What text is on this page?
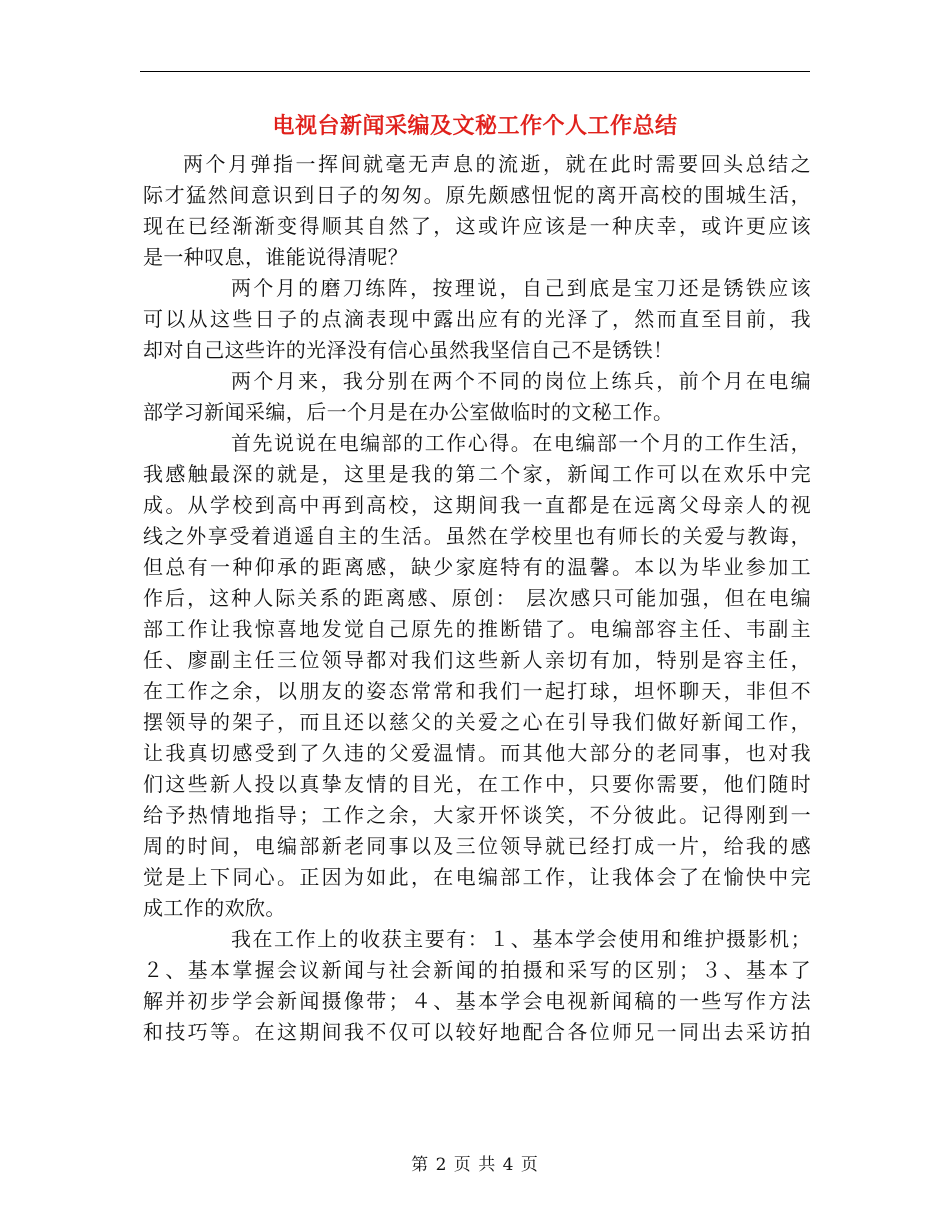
电视台新闻采编及文秘工作个人工作总结
两个月弹指一挥间就毫无声息的流逝，就在此时需要回头总结之
际才猛然间意识到日子的匆匆。原先颇感忸怩的离开高校的围城生活，
现在已经渐渐变得顺其自然了，这或许应该是一种庆幸，或许更应该
是一种叹息，谁能说得清呢？
两个月的磨刀练阵，按理说，自己到底是宝刀还是锈铁应该
可以从这些日子的点滴表现中露出应有的光泽了，然而直至目前，我
却对自己这些许的光泽没有信心虽然我坚信自己不是锈铁！
两个月来，我分别在两个不同的岗位上练兵，前个月在电编
部学习新闻采编，后一个月是在办公室做临时的文秘工作。
首先说说在电编部的工作心得。在电编部一个月的工作生活，
我感触最深的就是，这里是我的第二个家，新闻工作可以在欢乐中完
成。从学校到高中再到高校，这期间我一直都是在远离父母亲人的视
线之外享受着逍遥自主的生活。虽然在学校里也有师长的关爱与教诲，
但总有一种仰承的距离感，缺少家庭特有的温馨。本以为毕业参加工
作后，这种人际关系的距离感、原创： 层次感只可能加强，但在电编
部工作让我惊喜地发觉自己原先的推断错了。电编部容主任、韦副主
任、廖副主任三位领导都对我们这些新人亲切有加，特别是容主任，
在工作之余，以朋友的姿态常常和我们一起打球，坦怀聊天，非但不
摆领导的架子，而且还以慈父的关爱之心在引导我们做好新闻工作，
让我真切感受到了久违的父爱温情。而其他大部分的老同事，也对我
们这些新人投以真挚友情的目光，在工作中，只要你需要，他们随时
给予热情地指导；工作之余，大家开怀谈笑，不分彼此。记得刚到一
周的时间，电编部新老同事以及三位领导就已经打成一片，给我的感
觉是上下同心。正因为如此，在电编部工作，让我体会了在愉快中完
成工作的欢欣。
我在工作上的收获主要有：１、基本学会使用和维护摄影机；
２、基本掌握会议新闻与社会新闻的拍摄和采写的区别；３、基本了
解并初步学会新闻摄像带；４、基本学会电视新闻稿的一些写作方法
和技巧等。在这期间我不仅可以较好地配合各位师兄一同出去采访拍
第 2 页 共 4 页
